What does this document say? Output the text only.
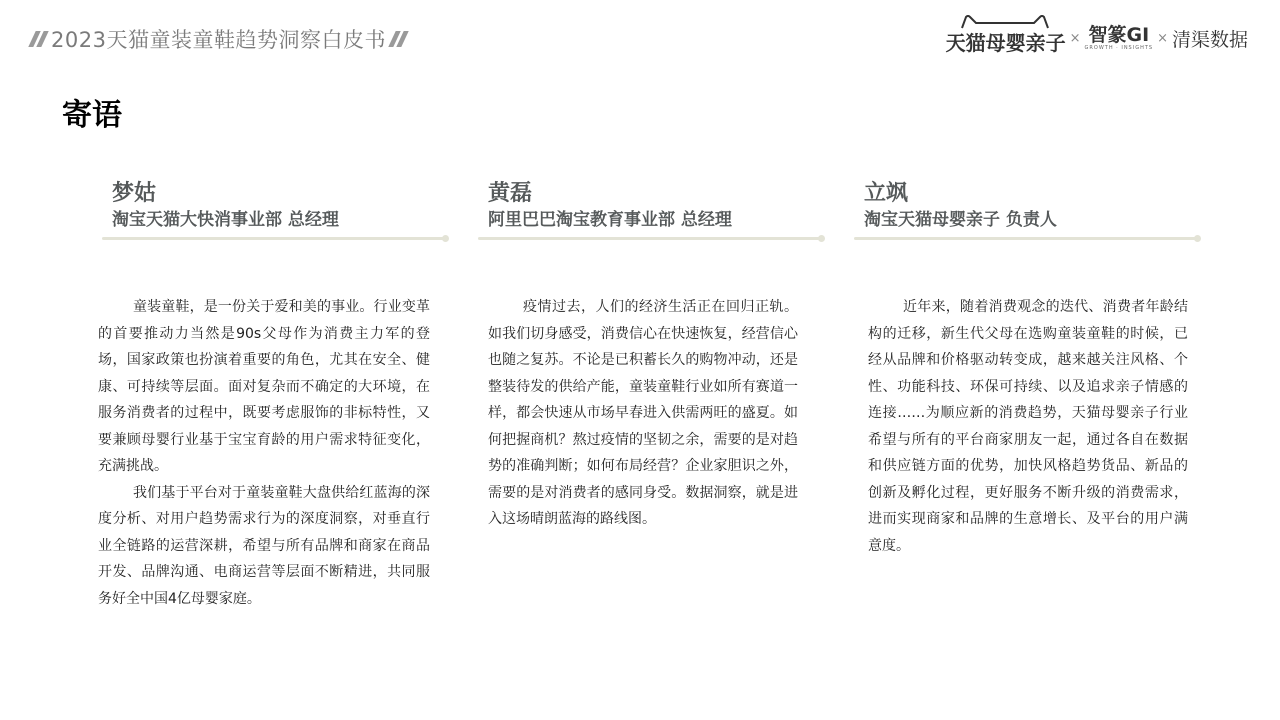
2023天猫童装童鞋趋势洞察白皮书	天猫母婴亲子 × 智篆GI
GROWTH · INSIGHTS
× 清渠数据
寄语
梦姑
淘宝天猫大快消事业部 总经理

童装童鞋，是一份关于爱和美的事业。行业变革的首要推动力当然是90s父母作为消费主力军的登场，国家政策也扮演着重要的角色，尤其在安全、健康、可持续等层面。面对复杂而不确定的大环境，在服务消费者的过程中，既要考虑服饰的非标特性，又要兼顾母婴行业基于宝宝育龄的用户需求特征变化，充满挑战。

我们基于平台对于童装童鞋大盘供给红蓝海的深度分析、对用户趋势需求行为的深度洞察，对垂直行业全链路的运营深耕，希望与所有品牌和商家在商品开发、品牌沟通、电商运营等层面不断精进，共同服务好全中国4亿母婴家庭。

黄磊
阿里巴巴淘宝教育事业部 总经理

疫情过去，人们的经济生活正在回归正轨。如我们切身感受，消费信心在快速恢复，经营信心也随之复苏。不论是已积蓄长久的购物冲动，还是整装待发的供给产能，童装童鞋行业如所有赛道一样，都会快速从市场早春进入供需两旺的盛夏。如何把握商机？熬过疫情的坚韧之余，需要的是对趋势的准确判断；如何布局经营？企业家胆识之外，需要的是对消费者的感同身受。数据洞察，就是进入这场晴朗蓝海的路线图。

立飒
淘宝天猫母婴亲子 负责人

近年来，随着消费观念的迭代、消费者年龄结构的迁移，新生代父母在选购童装童鞋的时候，已经从品牌和价格驱动转变成，越来越关注风格、个性、功能科技、环保可持续、以及追求亲子情感的连接……为顺应新的消费趋势，天猫母婴亲子行业希望与所有的平台商家朋友一起，通过各自在数据和供应链方面的优势，加快风格趋势货品、新品的创新及孵化过程，更好服务不断升级的消费需求，进而实现商家和品牌的生意增长、及平台的用户满意度。
